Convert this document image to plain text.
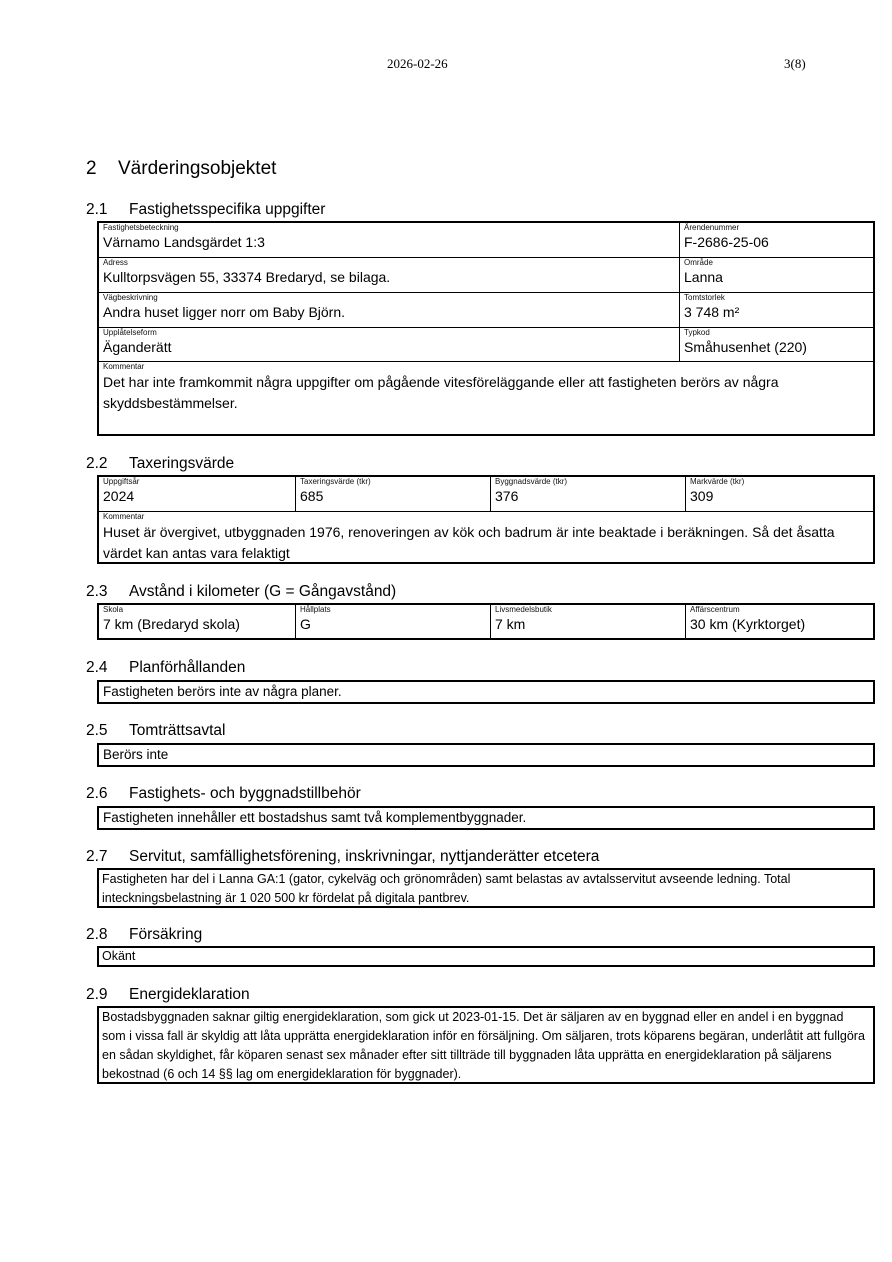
2026-02-26	3(8)
2 Värderingsobjektet
2.1 Fastighetsspecifika uppgifter
Fastighetsbeteckning
Värnamo Landsgärdet 1:3
Ärendenummer
F-2686-25-06
Adress
Kulltorpsvägen 55, 33374 Bredaryd, se bilaga.
Område
Lanna
Vägbeskrivning
Andra huset ligger norr om Baby Björn.
Tomtstorlek
3 748 m²
Upplåtelseform
Äganderätt
Typkod
Småhusenhet (220)
Kommentar
Det har inte framkommit några uppgifter om pågående vitesföreläggande eller att fastigheten berörs av några skyddsbestämmelser.
2.2 Taxeringsvärde
Uppgiftsår
2024
Taxeringsvärde (tkr)
685
Byggnadsvärde (tkr)
376
Markvärde (tkr)
309
Kommentar
Huset är övergivet, utbyggnaden 1976, renoveringen av kök och badrum är inte beaktade i beräkningen. Så det åsatta värdet kan antas vara felaktigt
2.3 Avstånd i kilometer (G = Gångavstånd)
Skola
7 km (Bredaryd skola)
Hållplats
G
Livsmedelsbutik
7 km
Affärscentrum
30 km (Kyrktorget)
2.4 Planförhållanden
Fastigheten berörs inte av några planer.
2.5 Tomträttsavtal
Berörs inte
2.6 Fastighets- och byggnadstillbehör
Fastigheten innehåller ett bostadshus samt två komplementbyggnader.
2.7 Servitut, samfällighetsförening, inskrivningar, nyttjanderätter etcetera
Fastigheten har del i Lanna GA:1 (gator, cykelväg och grönområden) samt belastas av avtalsservitut avseende ledning. Total inteckningsbelastning är 1 020 500 kr fördelat på digitala pantbrev.
2.8 Försäkring
Okänt
2.9 Energideklaration
Bostadsbyggnaden saknar giltig energideklaration, som gick ut 2023-01-15. Det är säljaren av en byggnad eller en andel i en byggnad som i vissa fall är skyldig att låta upprätta energideklaration inför en försäljning. Om säljaren, trots köparens begäran, underlåtit att fullgöra en sådan skyldighet, får köparen senast sex månader efter sitt tillträde till byggnaden låta upprätta en energideklaration på säljarens bekostnad (6 och 14 §§ lag om energideklaration för byggnader).
